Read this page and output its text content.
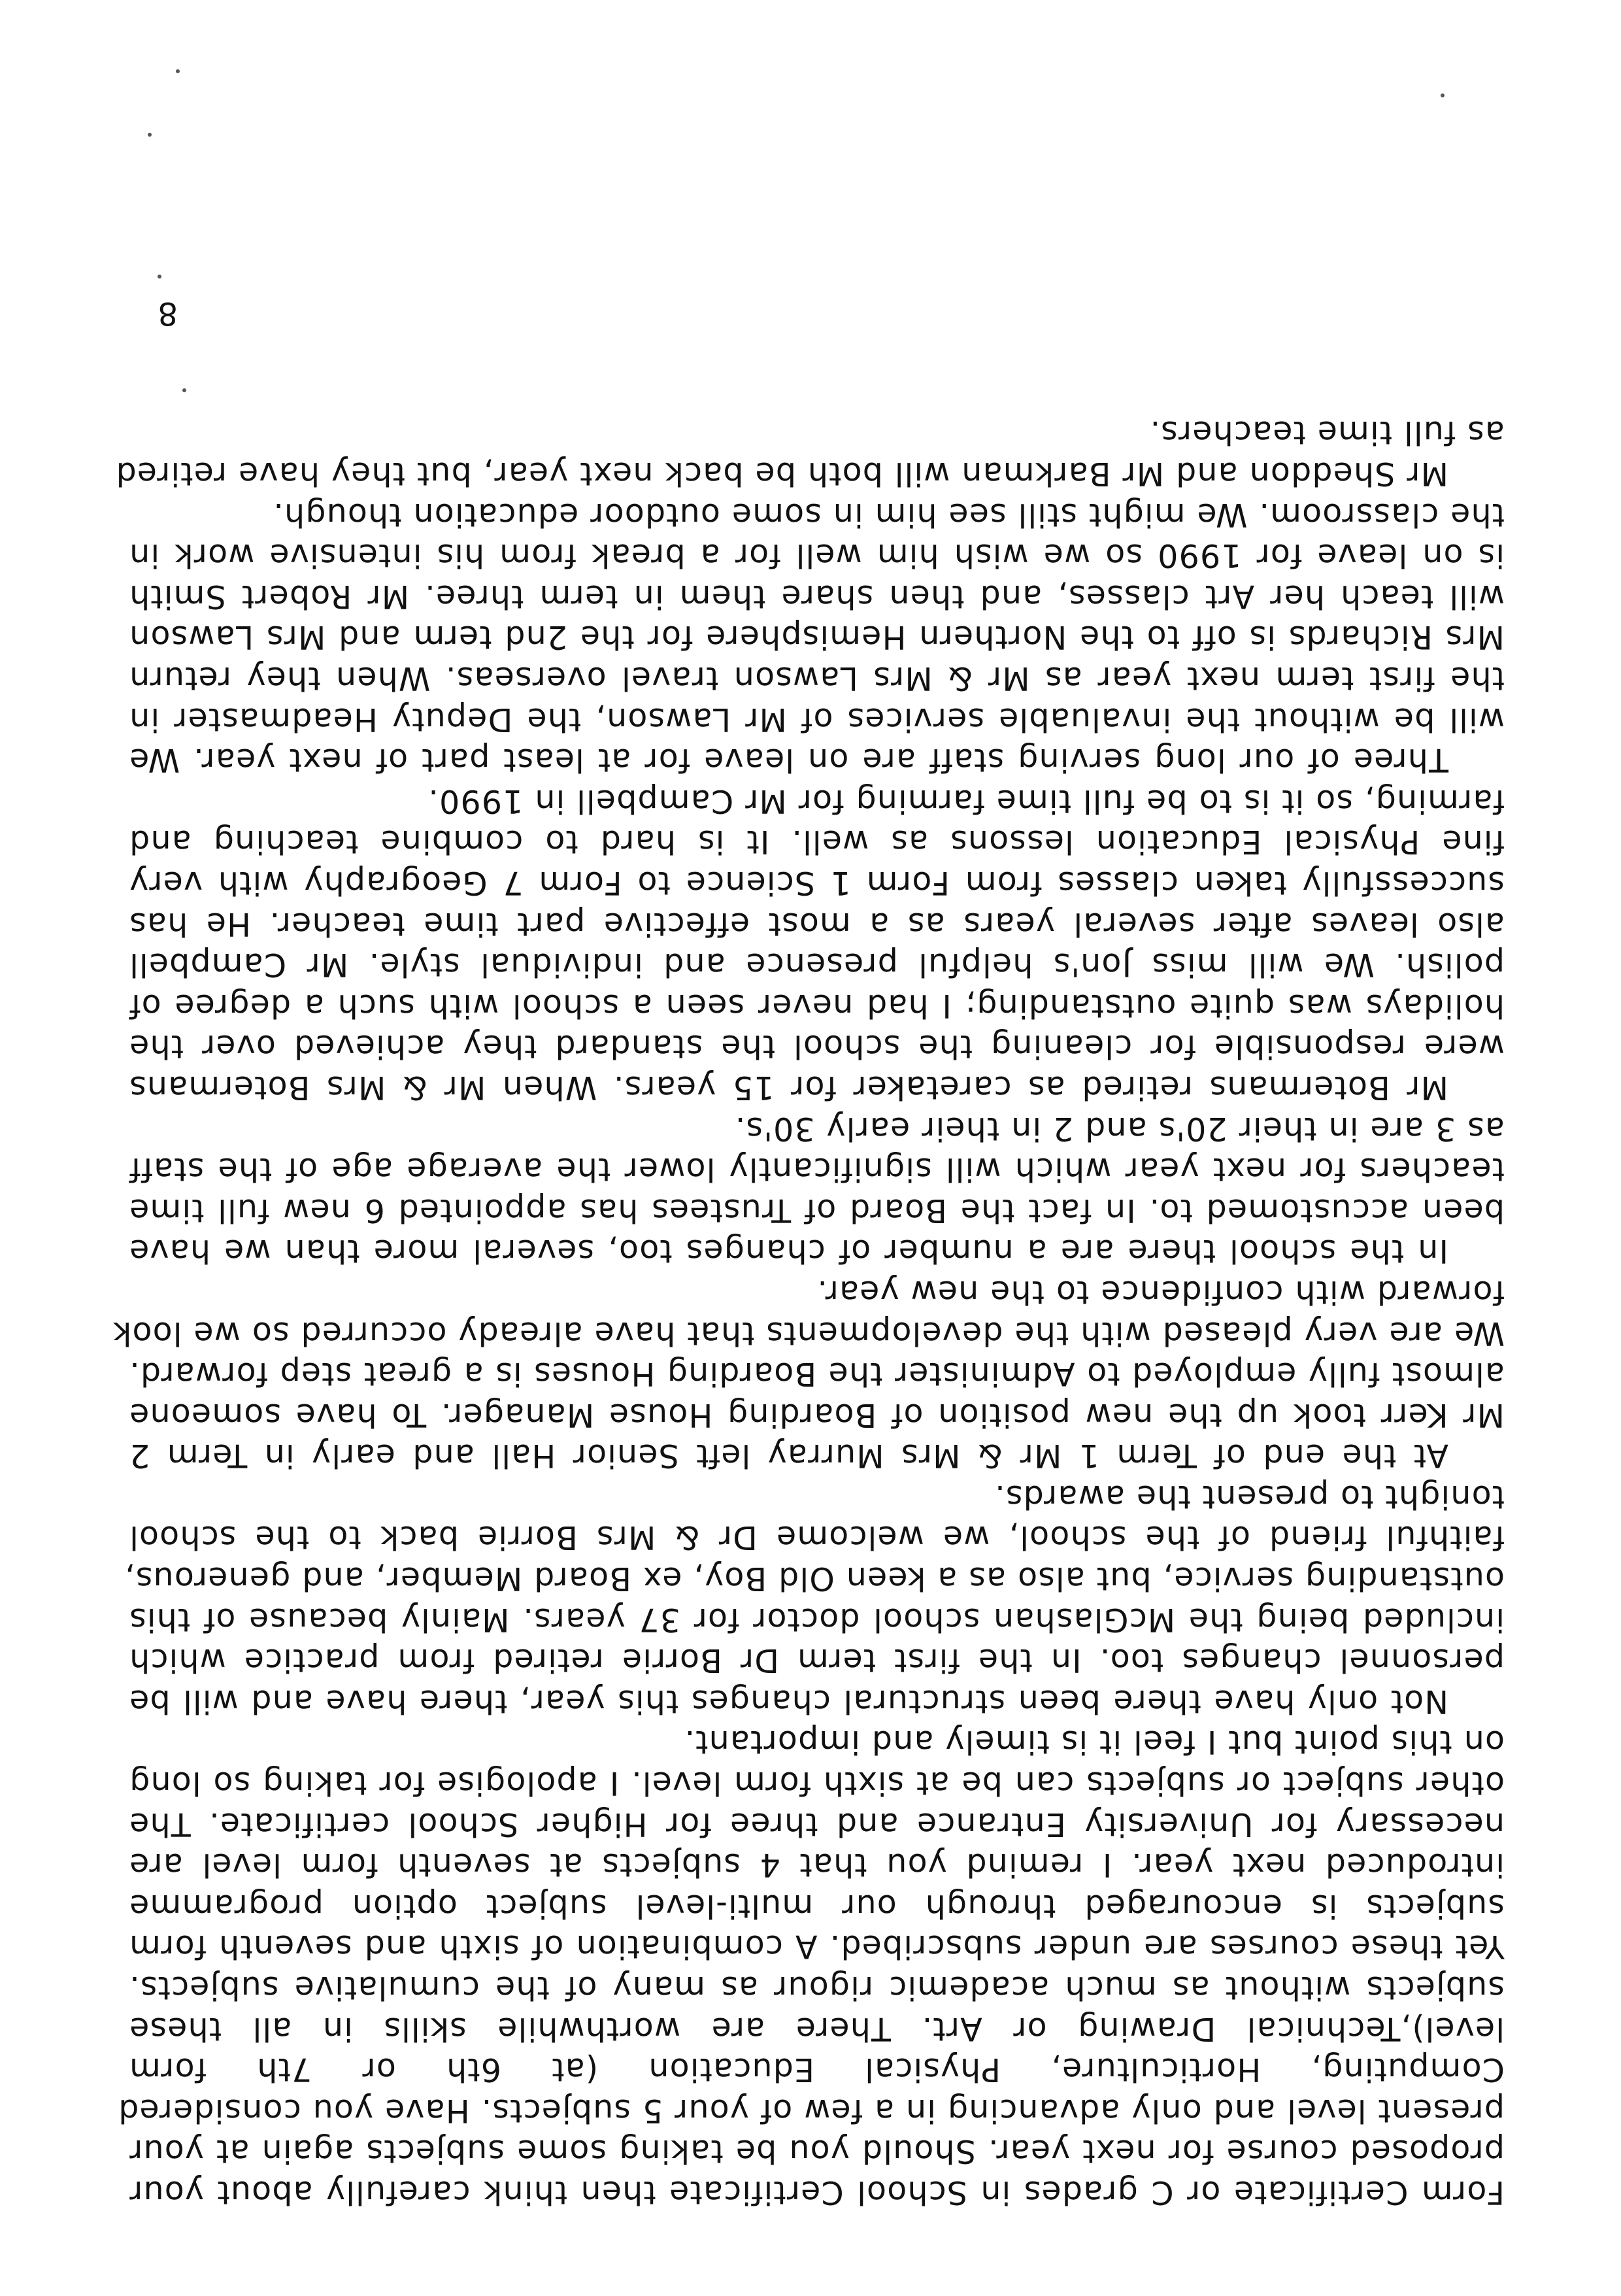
Form Certificate or C grades in School Certificate then think carefully about your
proposed course for next year. Should you be taking some subjects again at your
present level and only advancing in a few of your 5 subjects. Have you considered
Computing, Horticulture, Physical Education (at 6th or 7th form
level),Technical Drawing or Art. There are worthwhile skills in all these
subjects without as much academic rigour as many of the cumulative subjects.
Yet these courses are under subscribed. A combination of sixth and seventh form
subjects is encouraged through our multi-level subject option programme
introduced next year. I remind you that 4 subjects at seventh form level are
necessary for University Entrance and three for Higher School certificate. The
other subject or subjects can be at sixth form level. I apologise for taking so long
on this point but I feel it is timely and important.
Not only have there been structural changes this year, there have and will be
personnel changes too. In the first term Dr Borrie retired from practice which
included being the McGlashan school doctor for 37 years. Mainly because of this
outstanding service, but also as a keen Old Boy, ex Board Member, and generous,
faithful friend of the school, we welcome Dr & Mrs Borrie back to the school
tonight to present the awards.
At the end of Term 1 Mr & Mrs Murray left Senior Hall and early in Term 2
Mr Kerr took up the new position of Boarding House Manager. To have someone
almost fully employed to Administer the Boarding Houses is a great step forward.
We are very pleased with the developments that have already occurred so we look
forward with confidence to the new year.
In the school there are a number of changes too, several more than we have
been accustomed to. In fact the Board of Trustees has appointed 6 new full time
teachers for next year which will significantly lower the average age of the staff
as 3 are in their 20's and 2 in their early 30's.
Mr Botermans retired as caretaker for 15 years. When Mr & Mrs Botermans
were responsible for cleaning the school the standard they achieved over the
holidays was quite outstanding; I had never seen a school with such a degree of
polish. We will miss Jon's helpful presence and individual style. Mr Campbell
also leaves after several years as a most effective part time teacher. He has
successfully taken classes from Form 1 Science to Form 7 Geography with very
fine Physical Education lessons as well. It is hard to combine teaching and
farming, so it is to be full time farming for Mr Campbell in 1990.
Three of our long serving staff are on leave for at least part of next year. We
will be without the invaluable services of Mr Lawson, the Deputy Headmaster in
the first term next year as Mr & Mrs Lawson travel overseas. When they return
Mrs Richards is off to the Northern Hemisphere for the 2nd term and Mrs Lawson
will teach her Art classes, and then share them in term three. Mr Robert Smith
is on leave for 1990 so we wish him well for a break from his intensive work in
the classroom. We might still see him in some outdoor education though.
Mr Sheddon and Mr Barkman will both be back next year, but they have retired
as full time teachers.
8
